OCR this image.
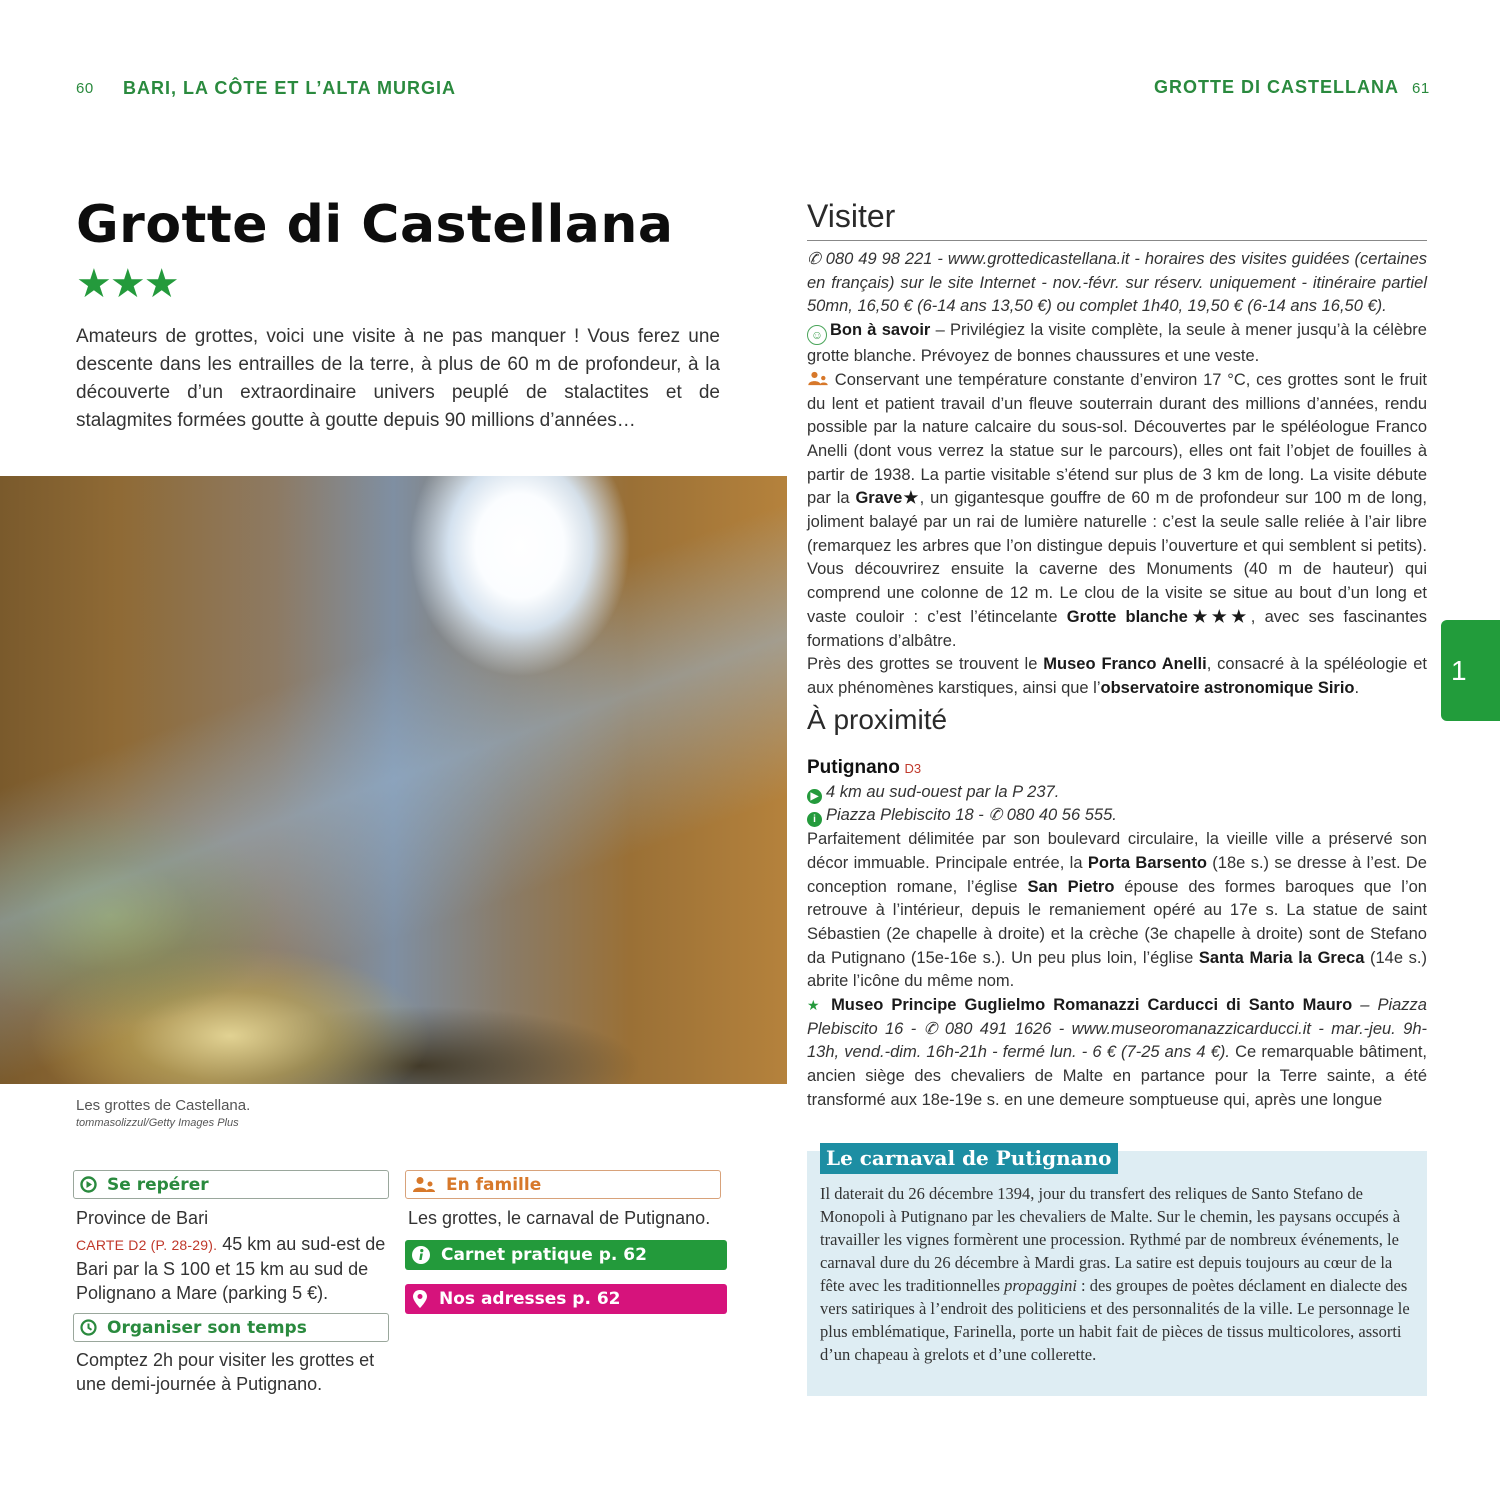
60 BARI, LA CÔTE ET L’ALTA MURGIA	GROTTE DI CASTELLANA 61
Grotte di Castellana
★★★
Amateurs de grottes, voici une visite à ne pas manquer ! Vous ferez une descente dans les entrailles de la terre, à plus de 60 m de profondeur, à la découverte d’un extraordinaire univers peuplé de stalactites et de stalagmites formées goutte à goutte depuis 90 millions d’années…
Les grottes de Castellana.
tommasolizzul/Getty Images Plus
Se repérer
Province de Bari
CARTE D2 (P. 28-29). 45 km au sud-est de Bari par la S 100 et 15 km au sud de Polignano a Mare (parking 5 €).
Organiser son temps
Comptez 2h pour visiter les grottes et une demi-journée à Putignano.
En famille
Les grottes, le carnaval de Putignano.
Carnet pratique p. 62
Nos adresses p. 62
Visiter
✆ 080 49 98 221 - www.grottedicastellana.it - horaires des visites guidées (certaines en français) sur le site Internet - nov.-févr. sur réserv. uniquement - itinéraire partiel 50mn, 16,50 € (6-14 ans 13,50 €) ou complet 1h40, 19,50 € (6-14 ans 16,50 €).
☺ Bon à savoir – Privilégiez la visite complète, la seule à mener jusqu’à la célèbre grotte blanche. Prévoyez de bonnes chaussures et une veste.
Conservant une température constante d’environ 17 °C, ces grottes sont le fruit du lent et patient travail d’un fleuve souterrain durant des millions d’années, rendu possible par la nature calcaire du sous-sol. Découvertes par le spéléologue Franco Anelli (dont vous verrez la statue sur le parcours), elles ont fait l’objet de fouilles à partir de 1938. La partie visitable s’étend sur plus de 3 km de long. La visite débute par la Grave★, un gigantesque gouffre de 60 m de profondeur sur 100 m de long, joliment balayé par un rai de lumière naturelle : c’est la seule salle reliée à l’air libre (remarquez les arbres que l’on distingue depuis l’ouverture et qui semblent si petits). Vous découvrirez ensuite la caverne des Monuments (40 m de hauteur) qui comprend une colonne de 12 m. Le clou de la visite se situe au bout d’un long et vaste couloir : c’est l’étincelante Grotte blanche★★★, avec ses fascinantes formations d’albâtre.
Près des grottes se trouvent le Museo Franco Anelli, consacré à la spéléologie et aux phénomènes karstiques, ainsi que l’observatoire astronomique Sirio.
À proximité
Putignano D3
▶ 4 km au sud-ouest par la P 237.
i Piazza Plebiscito 18 - ✆ 080 40 56 555.
Parfaitement délimitée par son boulevard circulaire, la vieille ville a préservé son décor immuable. Principale entrée, la Porta Barsento (18e s.) se dresse à l’est. De conception romane, l’église San Pietro épouse des formes baroques que l’on retrouve à l’intérieur, depuis le remaniement opéré au 17e s. La statue de saint Sébastien (2e chapelle à droite) et la crèche (3e chapelle à droite) sont de Stefano da Putignano (15e-16e s.). Un peu plus loin, l’église Santa Maria la Greca (14e s.) abrite l’icône du même nom.
★ Museo Principe Guglielmo Romanazzi Carducci di Santo Mauro – Piazza Plebiscito 16 - ✆ 080 491 1626 - www.museoromanazzicarducci.it - mar.-jeu. 9h-13h, vend.-dim. 16h-21h - fermé lun. - 6 € (7-25 ans 4 €). Ce remarquable bâtiment, ancien siège des chevaliers de Malte en partance pour la Terre sainte, a été transformé aux 18e-19e s. en une demeure somptueuse qui, après une longue
Le carnaval de Putignano
Il daterait du 26 décembre 1394, jour du transfert des reliques de Santo Stefano de Monopoli à Putignano par les chevaliers de Malte. Sur le chemin, les paysans occupés à travailler les vignes formèrent une procession. Rythmé par de nombreux événements, le carnaval dure du 26 décembre à Mardi gras. La satire est depuis toujours au cœur de la fête avec les traditionnelles propaggini : des groupes de poètes déclament en dialecte des vers satiriques à l’endroit des politiciens et des personnalités de la ville. Le personnage le plus emblématique, Farinella, porte un habit fait de pièces de tissus multicolores, assorti d’un chapeau à grelots et d’une collerette.
1
